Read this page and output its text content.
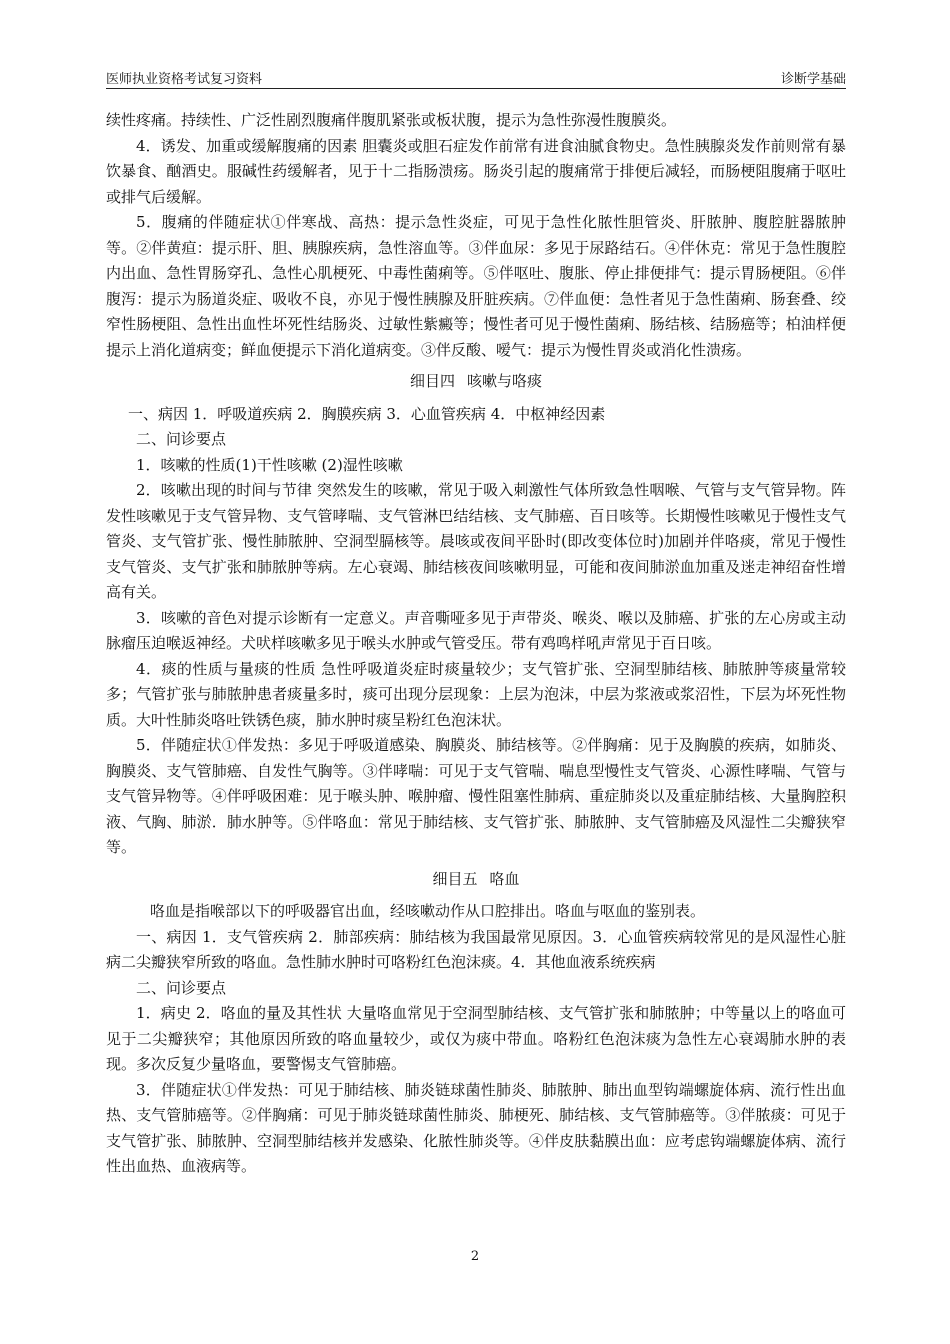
医师执业资格考试复习资料	诊断学基础

续性疼痛。持续性、广泛性剧烈腹痛伴腹肌紧张或板状腹，提示为急性弥漫性腹膜炎。

4．诱发、加重或缓解腹痛的因素 胆囊炎或胆石症发作前常有进食油腻食物史。急性胰腺炎发作前则常有暴饮暴食、酗酒史。服碱性药缓解者，见于十二指肠溃疡。肠炎引起的腹痛常于排便后减轻，而肠梗阻腹痛于呕吐或排气后缓解。

5．腹痛的伴随症状①伴寒战、高热：提示急性炎症，可见于急性化脓性胆管炎、肝脓肿、腹腔脏器脓肿等。②伴黄疸：提示肝、胆、胰腺疾病，急性溶血等。③伴血尿：多见于尿路结石。④伴休克：常见于急性腹腔内出血、急性胃肠穿孔、急性心肌梗死、中毒性菌痢等。⑤伴呕吐、腹胀、停止排便排气：提示胃肠梗阻。⑥伴腹泻：提示为肠道炎症、吸收不良，亦见于慢性胰腺及肝脏疾病。⑦伴血便：急性者见于急性菌痢、肠套叠、绞窄性肠梗阻、急性出血性坏死性结肠炎、过敏性紫癜等；慢性者可见于慢性菌痢、肠结核、结肠癌等；柏油样便提示上消化道病变；鲜血便提示下消化道病变。③伴反酸、嗳气：提示为慢性胃炎或消化性溃疡。

细目四 咳嗽与咯痰

一、病因 1．呼吸道疾病 2．胸膜疾病 3．心血管疾病 4．中枢神经因素

二、问诊要点

1．咳嗽的性质(1)干性咳嗽 (2)湿性咳嗽

2．咳嗽出现的时间与节律 突然发生的咳嗽，常见于吸入刺激性气体所致急性咽喉、气管与支气管异物。阵发性咳嗽见于支气管异物、支气管哮喘、支气管淋巴结结核、支气肺癌、百日咳等。长期慢性咳嗽见于慢性支气管炎、支气管扩张、慢性肺脓肿、空洞型膈核等。晨咳或夜间平卧时(即改变体位时)加剧并伴咯痰，常见于慢性支气管炎、支气扩张和肺脓肿等病。左心衰竭、肺结核夜间咳嗽明显，可能和夜间肺淤血加重及迷走神绍奋性增高有关。

3．咳嗽的音色对提示诊断有一定意义。声音嘶哑多见于声带炎、喉炎、喉以及肺癌、扩张的左心房或主动脉瘤压迫喉返神经。犬吠样咳嗽多见于喉头水肿或气管受压。带有鸡鸣样吼声常见于百日咳。

4．痰的性质与量痰的性质 急性呼吸道炎症时痰量较少；支气管扩张、空洞型肺结核、肺脓肿等痰量常较多；气管扩张与肺脓肿患者痰量多时，痰可出现分层现象：上层为泡沫，中层为浆液或浆沼性，下层为坏死性物质。大叶性肺炎咯吐铁锈色痰，肺水肿时痰呈粉红色泡沫状。

5．伴随症状①伴发热：多见于呼吸道感染、胸膜炎、肺结核等。②伴胸痛：见于及胸膜的疾病，如肺炎、胸膜炎、支气管肺癌、自发性气胸等。③伴哮喘：可见于支气管喘、喘息型慢性支气管炎、心源性哮喘、气管与支气管异物等。④伴呼吸困难：见于喉头肿、喉肿瘤、慢性阻塞性肺病、重症肺炎以及重症肺结核、大量胸腔积液、气胸、肺淤．肺水肿等。⑤伴咯血：常见于肺结核、支气管扩张、肺脓肿、支气管肺癌及风湿性二尖瓣狭窄等。

细目五 咯血

咯血是指喉部以下的呼吸器官出血，经咳嗽动作从口腔排出。咯血与呕血的鉴别表。

一、病因 1．支气管疾病 2．肺部疾病：肺结核为我国最常见原因。3．心血管疾病较常见的是风湿性心脏病二尖瓣狭窄所致的咯血。急性肺水肿时可咯粉红色泡沫痰。4．其他血液系统疾病

二、问诊要点

1．病史 2．咯血的量及其性状 大量咯血常见于空洞型肺结核、支气管扩张和肺脓肿；中等量以上的咯血可见于二尖瓣狭窄；其他原因所致的咯血量较少，或仅为痰中带血。咯粉红色泡沫痰为急性左心衰竭肺水肿的表现。多次反复少量咯血，要警惕支气管肺癌。

3．伴随症状①伴发热：可见于肺结核、肺炎链球菌性肺炎、肺脓肿、肺出血型钩端螺旋体病、流行性出血热、支气管肺癌等。②伴胸痛：可见于肺炎链球菌性肺炎、肺梗死、肺结核、支气管肺癌等。③伴脓痰：可见于支气管扩张、肺脓肿、空洞型肺结核并发感染、化脓性肺炎等。④伴皮肤黏膜出血：应考虑钩端螺旋体病、流行性出血热、血液病等。

2
